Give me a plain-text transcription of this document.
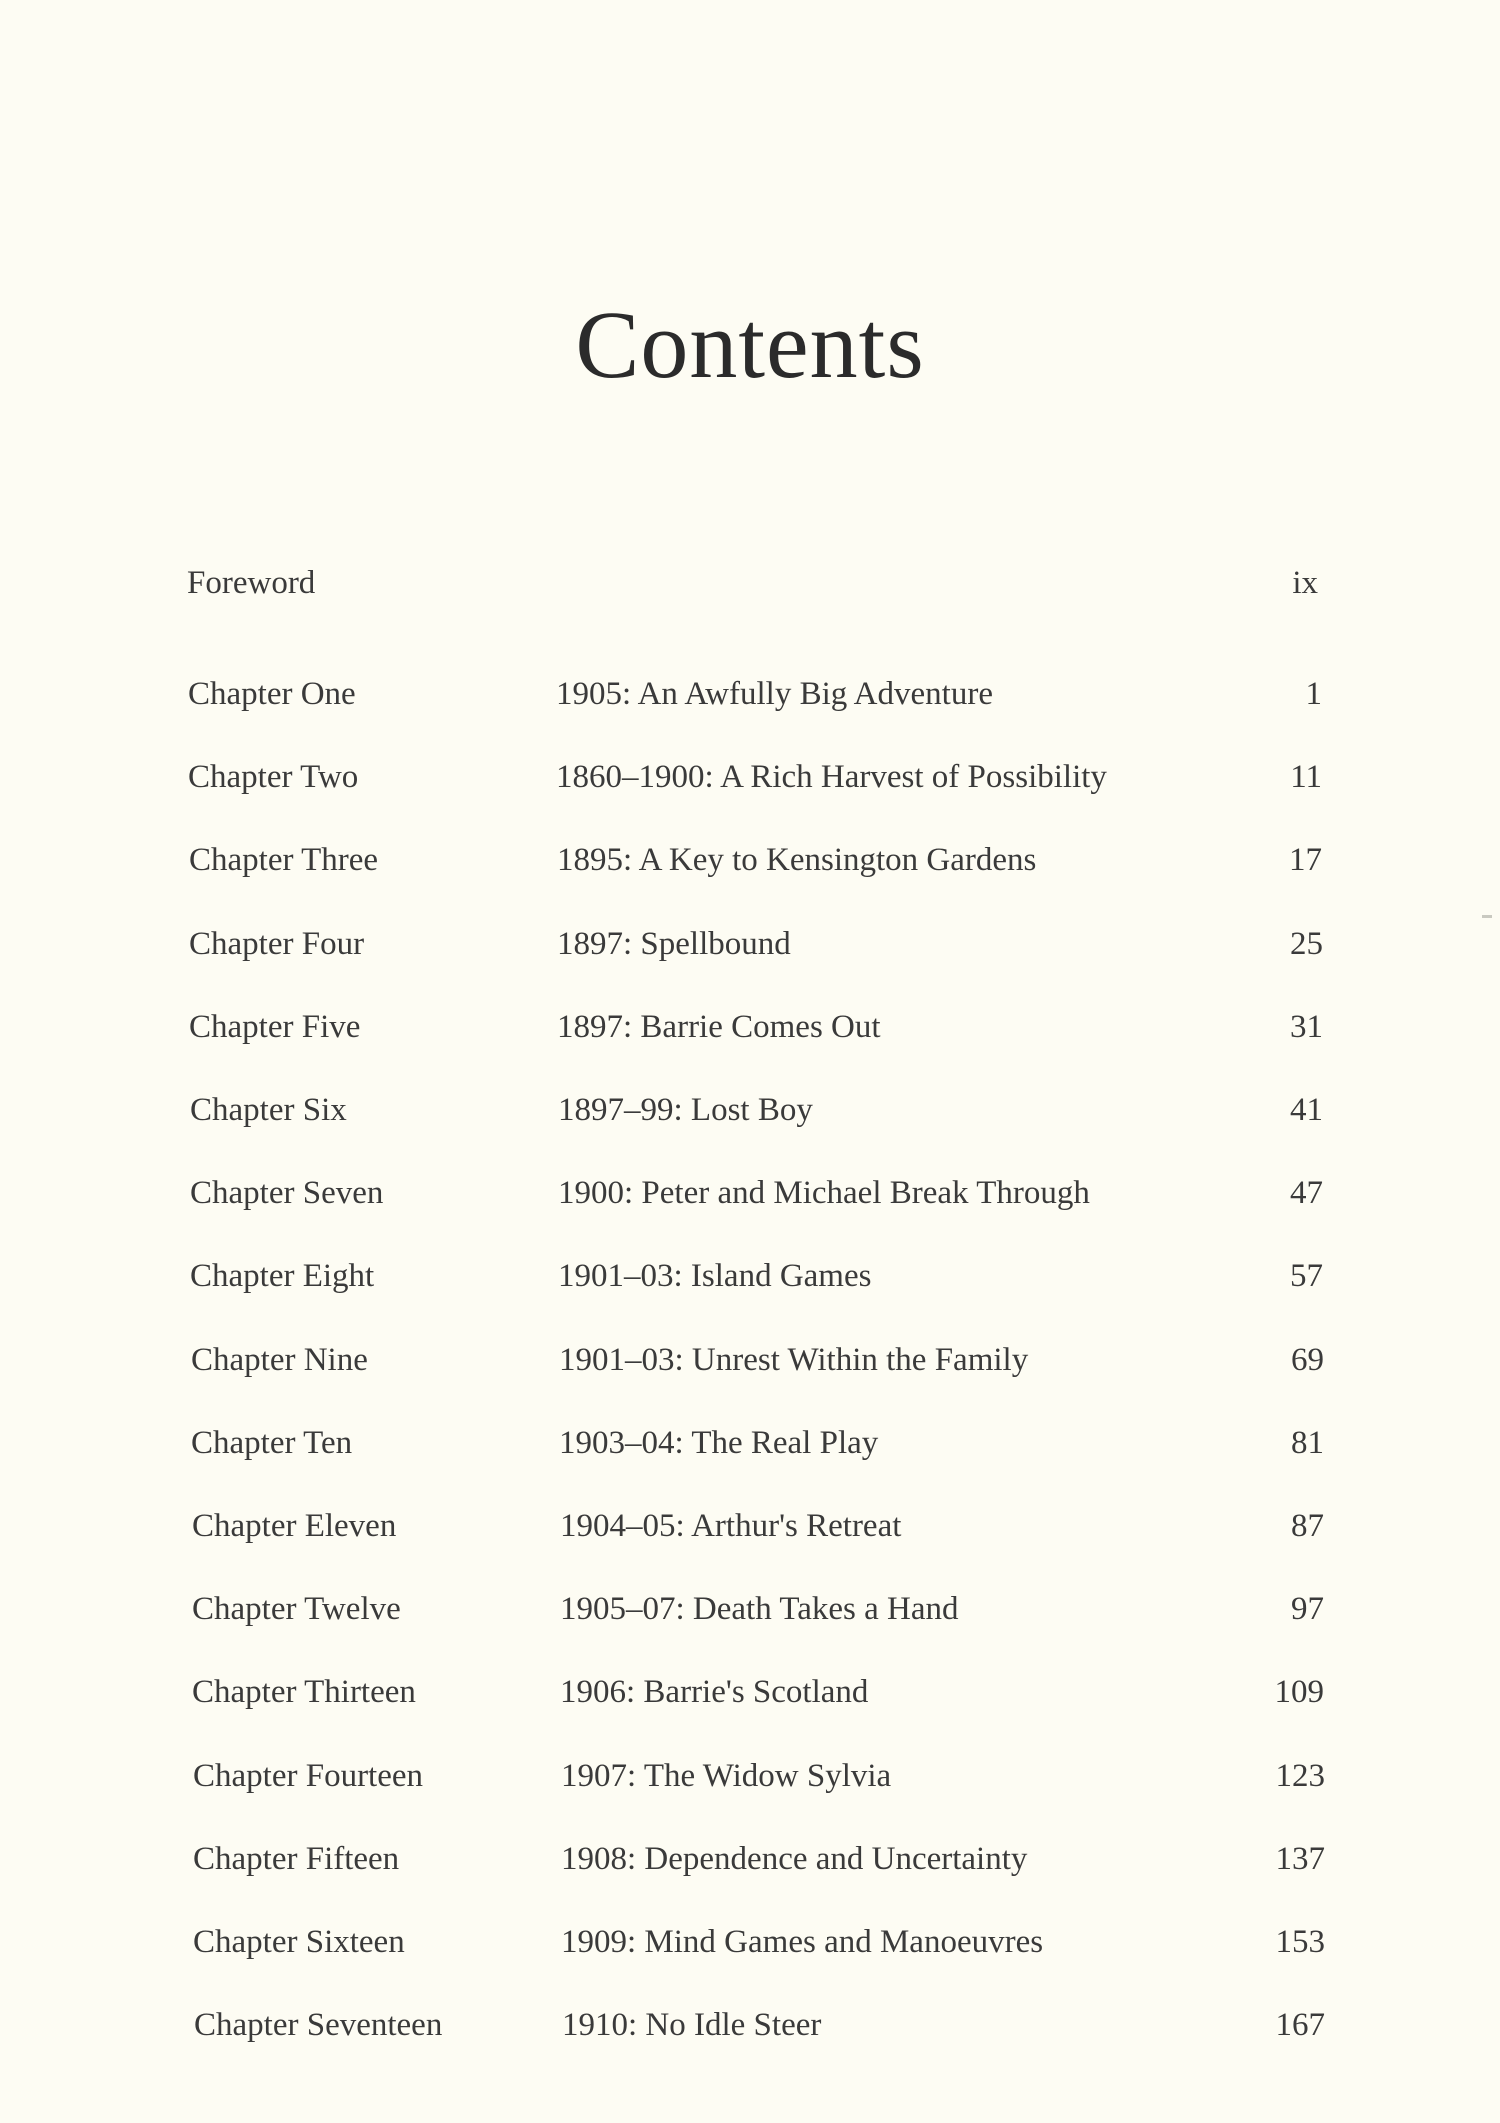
Contents
Foreword	ix
Chapter One	1905: An Awfully Big Adventure	1
Chapter Two	1860–1900: A Rich Harvest of Possibility	11
Chapter Three	1895: A Key to Kensington Gardens	17
Chapter Four	1897: Spellbound	25
Chapter Five	1897: Barrie Comes Out	31
Chapter Six	1897–99: Lost Boy	41
Chapter Seven	1900: Peter and Michael Break Through	47
Chapter Eight	1901–03: Island Games	57
Chapter Nine	1901–03: Unrest Within the Family	69
Chapter Ten	1903–04: The Real Play	81
Chapter Eleven	1904–05: Arthur's Retreat	87
Chapter Twelve	1905–07: Death Takes a Hand	97
Chapter Thirteen	1906: Barrie's Scotland	109
Chapter Fourteen	1907: The Widow Sylvia	123
Chapter Fifteen	1908: Dependence and Uncertainty	137
Chapter Sixteen	1909: Mind Games and Manoeuvres	153
Chapter Seventeen	1910: No Idle Steer	167
